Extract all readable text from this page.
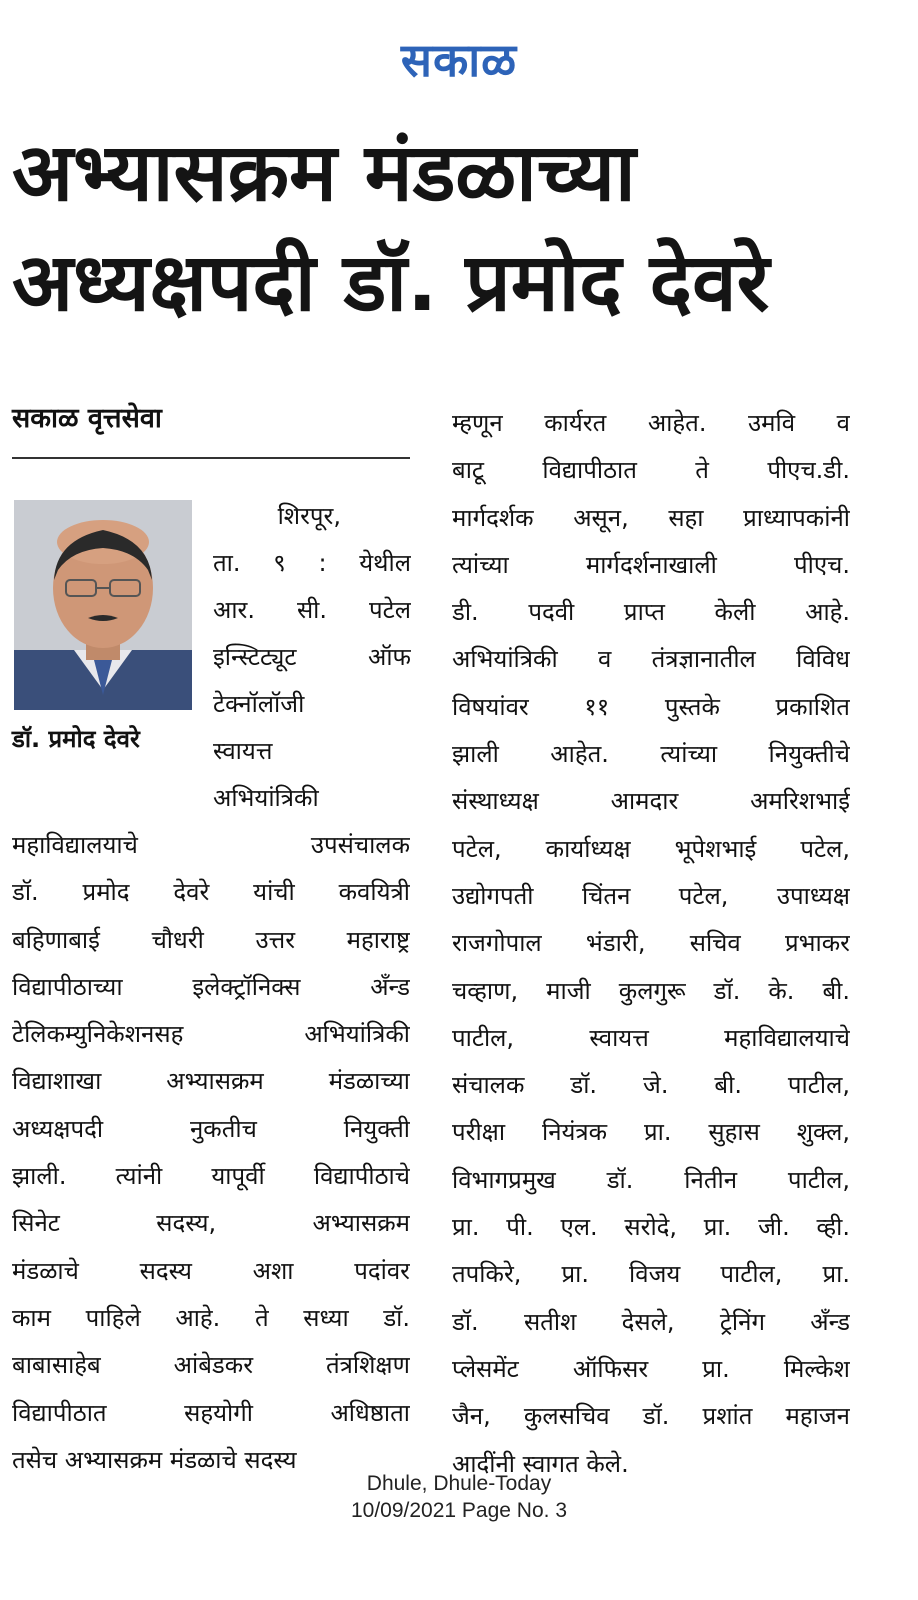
सकाळ
अभ्यासक्रम मंडळाच्या
अध्यक्षपदी डॉ. प्रमोद देवरे
सकाळ वृत्तसेवा
डॉ. प्रमोद देवरे
शिरपूर,
ता. ९ : येथील
आर. सी. पटेल
इन्स्टिट्यूट ऑफ
टेक्नॉलॉजी
स्वायत्त
अभियांत्रिकी
महाविद्यालयाचे उपसंचालक
डॉ. प्रमोद देवरे यांची कवयित्री
बहिणाबाई चौधरी उत्तर महाराष्ट्र
विद्यापीठाच्या इलेक्ट्रॉनिक्स अँन्ड
टेलिकम्युनिकेशनसह अभियांत्रिकी
विद्याशाखा अभ्यासक्रम मंडळाच्या
अध्यक्षपदी नुकतीच नियुक्ती
झाली. त्यांनी यापूर्वी विद्यापीठाचे
सिनेट सदस्य, अभ्यासक्रम
मंडळाचे सदस्य अशा पदांवर
काम पाहिले आहे. ते सध्या डॉ.
बाबासाहेब आंबेडकर तंत्रशिक्षण
विद्यापीठात सहयोगी अधिष्ठाता
तसेच अभ्यासक्रम मंडळाचे सदस्य
म्हणून कार्यरत आहेत. उमवि व
बाटू विद्यापीठात ते पीएच.डी.
मार्गदर्शक असून, सहा प्राध्यापकांनी
त्यांच्या मार्गदर्शनाखाली पीएच.
डी. पदवी प्राप्त केली आहे.
अभियांत्रिकी व तंत्रज्ञानातील विविध
विषयांवर ११ पुस्तके प्रकाशित
झाली आहेत. त्यांच्या नियुक्तीचे
संस्थाध्यक्ष आमदार अमरिशभाई
पटेल, कार्याध्यक्ष भूपेशभाई पटेल,
उद्योगपती चिंतन पटेल, उपाध्यक्ष
राजगोपाल भंडारी, सचिव प्रभाकर
चव्हाण, माजी कुलगुरू डॉ. के. बी.
पाटील, स्वायत्त महाविद्यालयाचे
संचालक डॉ. जे. बी. पाटील,
परीक्षा नियंत्रक प्रा. सुहास शुक्ल,
विभागप्रमुख डॉ. नितीन पाटील,
प्रा. पी. एल. सरोदे, प्रा. जी. व्ही.
तपकिरे, प्रा. विजय पाटील, प्रा.
डॉ. सतीश देसले, ट्रेनिंग अँन्ड
प्लेसमेंट ऑफिसर प्रा. मिल्केश
जैन, कुलसचिव डॉ. प्रशांत महाजन
आदींनी स्वागत केले.
Dhule, Dhule-Today
10/09/2021 Page No. 3
